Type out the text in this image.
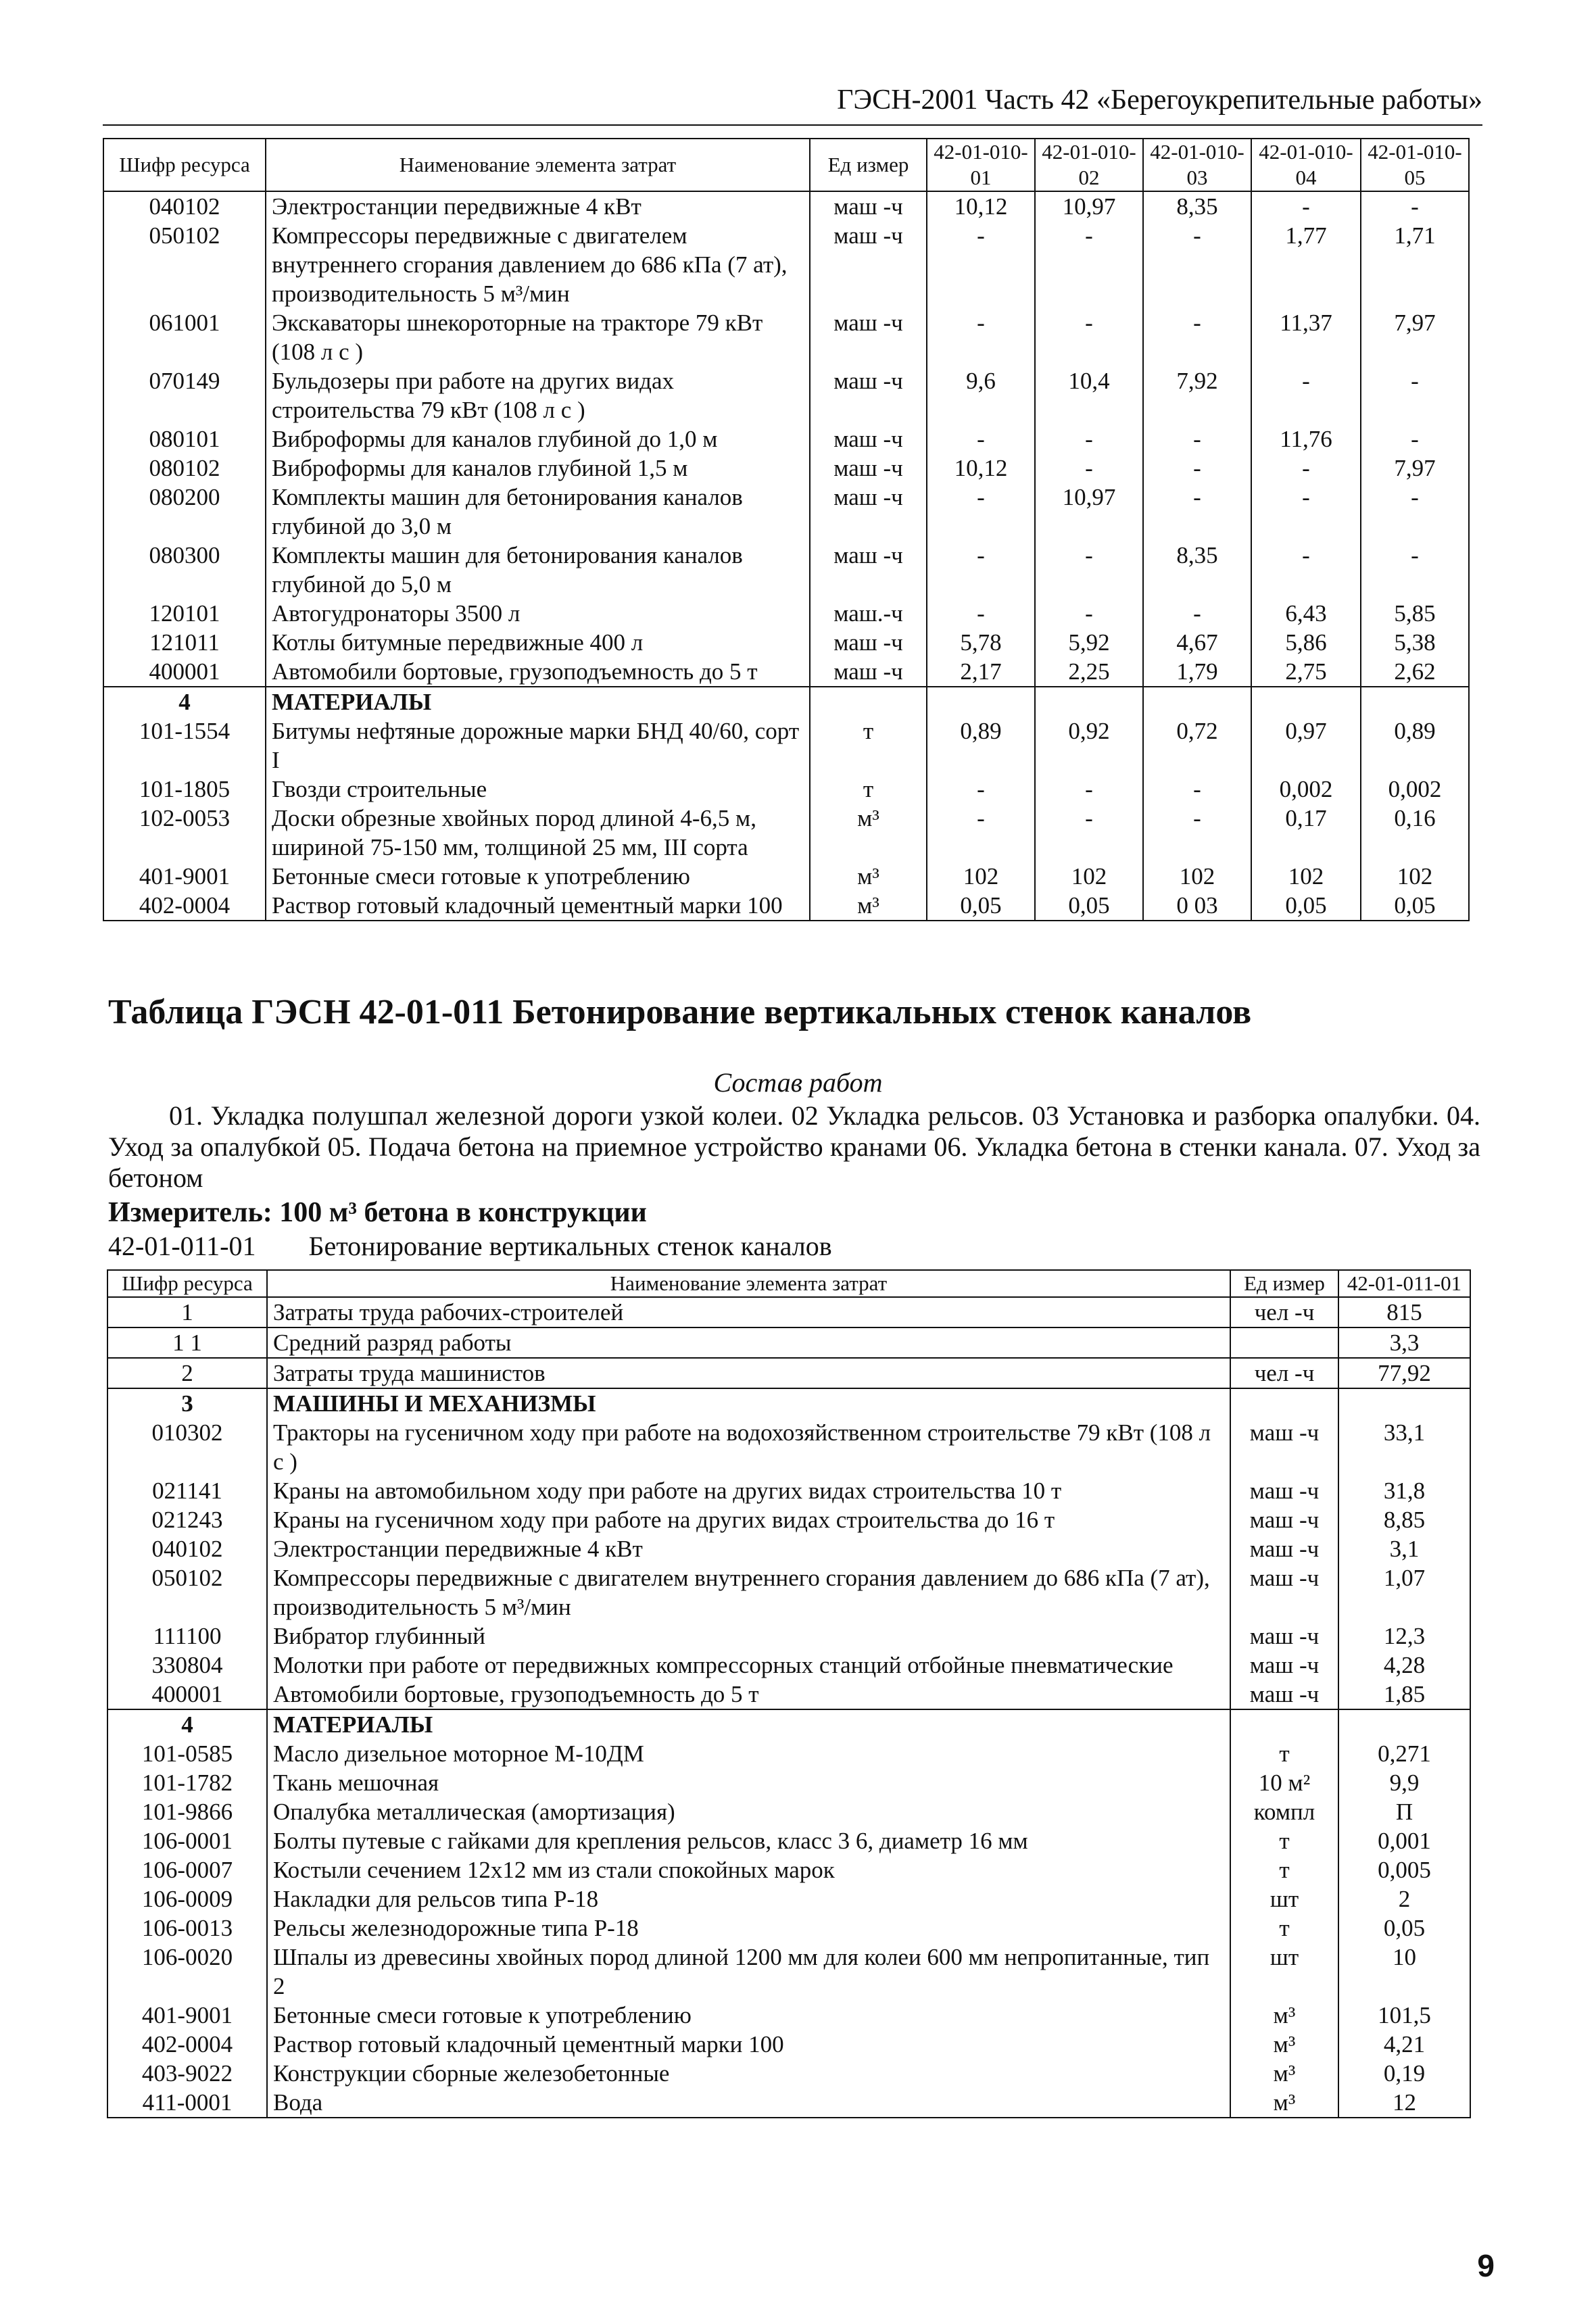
ГЭСН-2001 Часть 42 «Берегоукрепительные работы»
Шифр ресурса	Наименование элемента затрат	Ед измер	42-01-010-01	42-01-010-02	42-01-010-03	42-01-010-04	42-01-010-05
040102	Электростанции передвижные 4 кВт	маш -ч	10,12	10,97	8,35	-	-
050102	Компрессоры передвижные с двигателем внутреннего сгорания давлением до 686 кПа (7 ат), производительность 5 м³/мин	маш -ч	-	-	-	1,77	1,71
061001	Экскаваторы шнекороторные на тракторе 79 кВт (108 л с )	маш -ч	-	-	-	11,37	7,97
070149	Бульдозеры при работе на других видах строительства 79 кВт (108 л с )	маш -ч	9,6	10,4	7,92	-	-
080101	Виброформы для каналов глубиной до 1,0 м	маш -ч	-	-	-	11,76	-
080102	Виброформы для каналов глубиной 1,5 м	маш -ч	10,12	-	-	-	7,97
080200	Комплекты машин для бетонирования каналов глубиной до 3,0 м	маш -ч	-	10,97	-	-	-
080300	Комплекты машин для бетонирования каналов глубиной до 5,0 м	маш -ч	-	-	8,35	-	-
120101	Автогудронаторы 3500 л	маш.-ч	-	-	-	6,43	5,85
121011	Котлы битумные передвижные 400 л	маш -ч	5,78	5,92	4,67	5,86	5,38
400001	Автомобили бортовые, грузоподъемность до 5 т	маш -ч	2,17	2,25	1,79	2,75	2,62
4	МАТЕРИАЛЫ						
101-1554	Битумы нефтяные дорожные марки БНД 40/60, сорт I	т	0,89	0,92	0,72	0,97	0,89
101-1805	Гвозди строительные	т	-	-	-	0,002	0,002
102-0053	Доски обрезные хвойных пород длиной 4-6,5 м, шириной 75-150 мм, толщиной 25 мм, III сорта	м³	-	-	-	0,17	0,16
401-9001	Бетонные смеси готовые к употреблению	м³	102	102	102	102	102
402-0004	Раствор готовый кладочный цементный марки 100	м³	0,05	0,05	0 03	0,05	0,05
Таблица ГЭСН 42-01-011 Бетонирование вертикальных стенок каналов
Состав работ
01. Укладка полушпал железной дороги узкой колеи. 02 Укладка рельсов. 03 Установка и разборка опалубки. 04. Уход за опалубкой 05. Подача бетона на приемное устройство кранами 06. Укладка бетона в стенки канала. 07. Уход за бетоном
Измеритель: 100 м³ бетона в конструкции
42-01-011-01 Бетонирование вертикальных стенок каналов
Шифр ресурса	Наименование элемента затрат	Ед измер	42-01-011-01
1	Затраты труда рабочих-строителей	чел -ч	815
1 1	Средний разряд работы		3,3
2	Затраты труда машинистов	чел -ч	77,92
3	МАШИНЫ И МЕХАНИЗМЫ		
010302	Тракторы на гусеничном ходу при работе на водохозяйственном строительстве 79 кВт (108 л с )	маш -ч	33,1
021141	Краны на автомобильном ходу при работе на других видах строительства 10 т	маш -ч	31,8
021243	Краны на гусеничном ходу при работе на других видах строительства до 16 т	маш -ч	8,85
040102	Электростанции передвижные 4 кВт	маш -ч	3,1
050102	Компрессоры передвижные с двигателем внутреннего сгорания давлением до 686 кПа (7 ат), производительность 5 м³/мин	маш -ч	1,07
111100	Вибратор глубинный	маш -ч	12,3
330804	Молотки при работе от передвижных компрессорных станций отбойные пневматические	маш -ч	4,28
400001	Автомобили бортовые, грузоподъемность до 5 т	маш -ч	1,85
4	МАТЕРИАЛЫ		
101-0585	Масло дизельное моторное М-10ДМ	т	0,271
101-1782	Ткань мешочная	10 м²	9,9
101-9866	Опалубка металлическая (амортизация)	компл	П
106-0001	Болты путевые с гайками для крепления рельсов, класс 3 6, диаметр 16 мм	т	0,001
106-0007	Костыли сечением 12х12 мм из стали спокойных марок	т	0,005
106-0009	Накладки для рельсов типа Р-18	шт	2
106-0013	Рельсы железнодорожные типа Р-18	т	0,05
106-0020	Шпалы из древесины хвойных пород длиной 1200 мм для колеи 600 мм непропитанные, тип 2	шт	10
401-9001	Бетонные смеси готовые к употреблению	м³	101,5
402-0004	Раствор готовый кладочный цементный марки 100	м³	4,21
403-9022	Конструкции сборные железобетонные	м³	0,19
411-0001	Вода	м³	12
9
